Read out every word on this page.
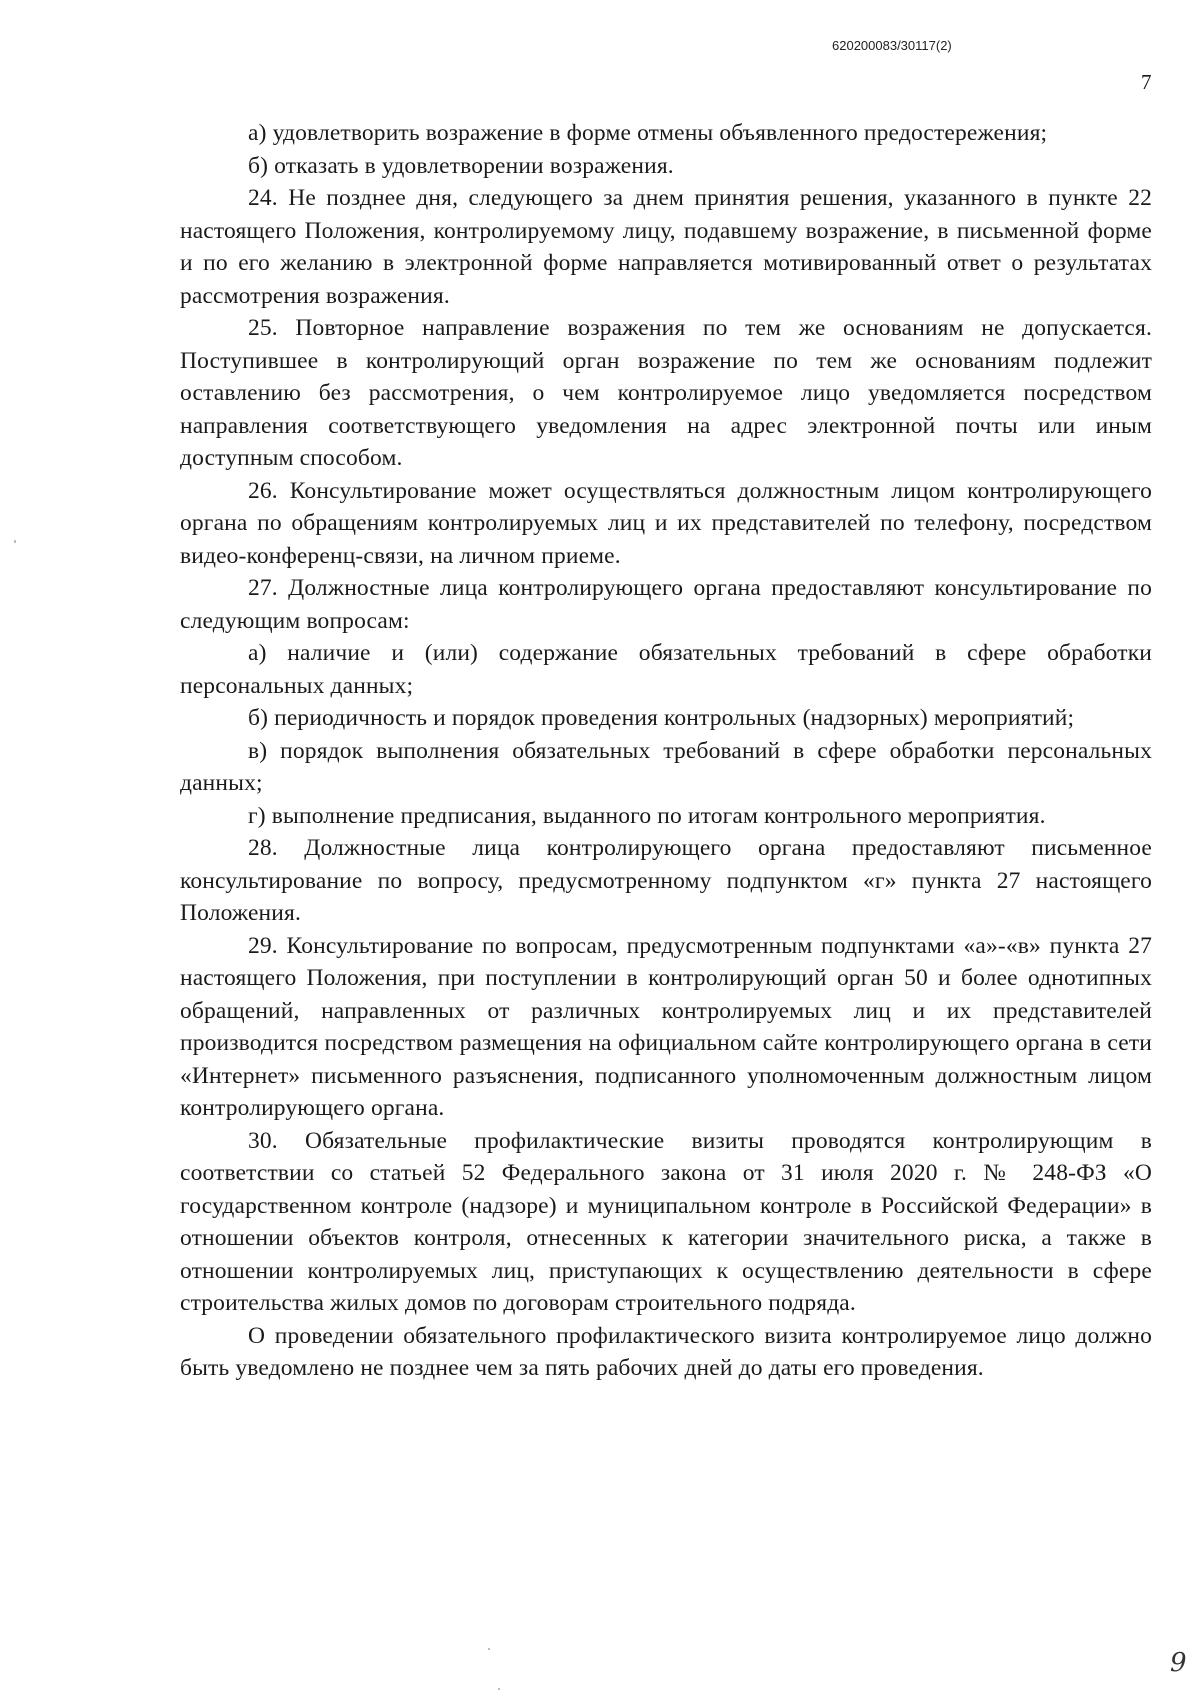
620200083/30117(2)
7

а) удовлетворить возражение в форме отмены объявленного предостережения;

б) отказать в удовлетворении возражения.

24. Не позднее дня, следующего за днем принятия решения, указанного в пункте 22 настоящего Положения, контролируемому лицу, подавшему возражение, в письменной форме и по его желанию в электронной форме направляется мотивированный ответ о результатах рассмотрения возражения.

25. Повторное направление возражения по тем же основаниям не допускается. Поступившее в контролирующий орган возражение по тем же основаниям подлежит оставлению без рассмотрения, о чем контролируемое лицо уведомляется посредством направления соответствующего уведомления на адрес электронной почты или иным доступным способом.

26. Консультирование может осуществляться должностным лицом контролирующего органа по обращениям контролируемых лиц и их представителей по телефону, посредством видео-конференц-связи, на личном приеме.

27. Должностные лица контролирующего органа предоставляют консультирование по следующим вопросам:

а) наличие и (или) содержание обязательных требований в сфере обработки персональных данных;

б) периодичность и порядок проведения контрольных (надзорных) мероприятий;

в) порядок выполнения обязательных требований в сфере обработки персональных данных;

г) выполнение предписания, выданного по итогам контрольного мероприятия.

28. Должностные лица контролирующего органа предоставляют письменное консультирование по вопросу, предусмотренному подпунктом «г» пункта 27 настоящего Положения.

29. Консультирование по вопросам, предусмотренным подпунктами «а»-«в» пункта 27 настоящего Положения, при поступлении в контролирующий орган 50 и более однотипных обращений, направленных от различных контролируемых лиц и их представителей производится посредством размещения на официальном сайте контролирующего органа в сети «Интернет» письменного разъяснения, подписанного уполномоченным должностным лицом контролирующего органа.

30. Обязательные профилактические визиты проводятся контролирующим в соответствии со статьей 52 Федерального закона от 31 июля 2020 г. № 248-ФЗ «О государственном контроле (надзоре) и муниципальном контроле в Российской Федерации» в отношении объектов контроля, отнесенных к категории значительного риска, а также в отношении контролируемых лиц, приступающих к осуществлению деятельности в сфере строительства жилых домов по договорам строительного подряда.

О проведении обязательного профилактического визита контролируемое лицо должно быть уведомлено не позднее чем за пять рабочих дней до даты его проведения.

9
